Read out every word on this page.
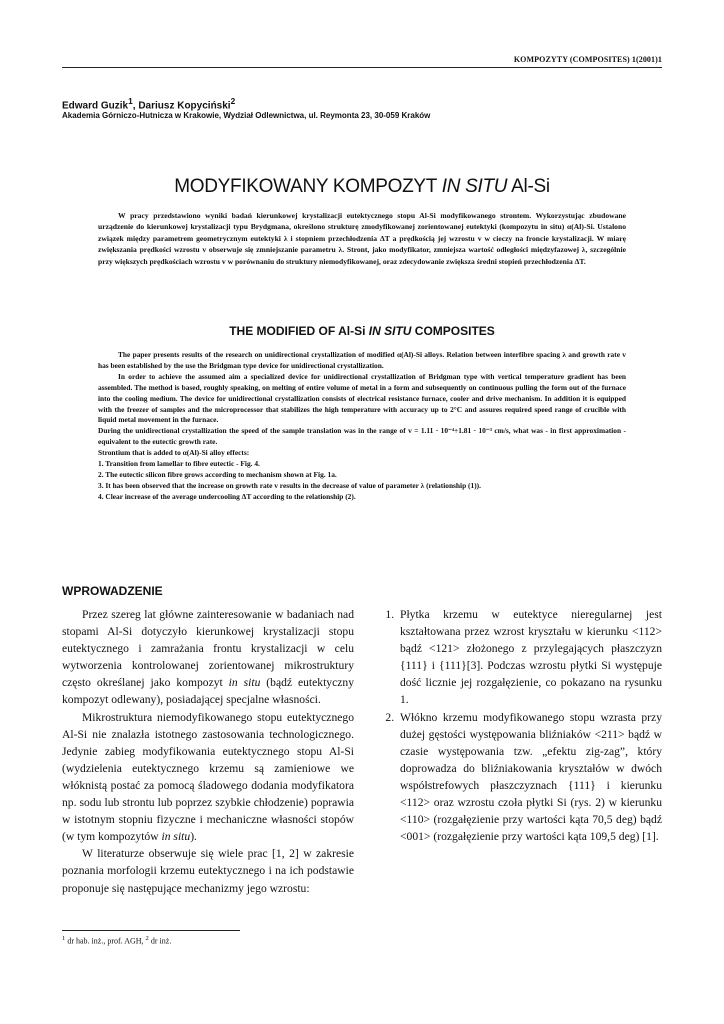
KOMPOZYTY (COMPOSITES) 1(2001)1
Edward Guzik$^1$, Dariusz Kopyciński$^2$
Akademia Górniczo-Hutnicza w Krakowie, Wydział Odlewnictwa, ul. Reymonta 23, 30-059 Kraków
MODYFIKOWANY KOMPOZYT IN SITU Al-Si

W pracy przedstawiono wyniki badań kierunkowej krystalizacji eutektycznego stopu Al-Si modyfikowanego strontem. Wykorzystując zbudowane urządzenie do kierunkowej krystalizacji typu Brydgmana, określono strukturę zmodyfikowanej zorientowanej eutektyki (kompozytu in situ) α(Al)-Si. Ustalono związek między parametrem geometrycznym eutektyki λ i stopniem przechłodzenia ΔT a prędkością jej wzrostu v w cieczy na froncie krystalizacji. W miarę zwiększania prędkości wzrostu v obserwuje się zmniejszanie parametru λ. Stront, jako modyfikator, zmniejsza wartość odległości międzyfazowej λ, szczególnie przy większych prędkościach wzrostu v w porównaniu do struktury niemodyfikowanej, oraz zdecydowanie zwiększa średni stopień przechłodzenia ΔT.

THE MODIFIED OF Al-Si IN SITU COMPOSITES

The paper presents results of the research on unidirectional crystallization of modified α(Al)-Si alloys. Relation between interfibre spacing λ and growth rate v has been established by the use the Bridgman type device for unidirectional crystallization.

In order to achieve the assumed aim a specialized device for unidirectional crystallization of Bridgman type with vertical temperature gradient has been assembled. The method is based, roughly speaking, on melting of entire volume of metal in a form and subsequently on continuous pulling the form out of the furnace into the cooling medium. The device for unidirectional crystallization consists of electrical resistance furnace, cooler and drive mechanism. In addition it is equipped with the freezer of samples and the microprocessor that stabilizes the high temperature with accuracy up to 2°C and assures required speed range of crucible with liquid metal movement in the furnace.

During the unidirectional crystallization the speed of the sample translation was in the range of v = 1.11 · 10⁻⁴÷1.81 · 10⁻³ cm/s, what was - in first approximation - equivalent to the eutectic growth rate.

Strontium that is added to α(Al)-Si alloy effects:

1. Transition from lamellar to fibre eutectic - Fig. 4.

2. The eutectic silicon fibre grows according to mechanism shown at Fig. 1a.

3. It has been observed that the increase on growth rate v results in the decrease of value of parameter λ (relationship (1)).

4. Clear increase of the average undercooling ΔT according to the relationship (2).

WPROWADZENIE

Przez szereg lat główne zainteresowanie w badaniach nad stopami Al-Si dotyczyło kierunkowej krystalizacji stopu eutektycznego i zamrażania frontu krystalizacji w celu wytworzenia kontrolowanej zorientowanej mikrostruktury często określanej jako kompozyt in situ (bądź eutektyczny kompozyt odlewany), posiadającej specjalne własności.

Mikrostruktura niemodyfikowanego stopu eutektycznego Al-Si nie znalazła istotnego zastosowania technologicznego. Jedynie zabieg modyfikowania eutektycznego stopu Al-Si (wydzielenia eutektycznego krzemu są zamieniowe we włóknistą postać za pomocą śladowego dodania modyfikatora np. sodu lub strontu lub poprzez szybkie chłodzenie) poprawia w istotnym stopniu fizyczne i mechaniczne własności stopów (w tym kompozytów in situ).

W literaturze obserwuje się wiele prac [1, 2] w zakresie poznania morfologii krzemu eutektycznego i na ich podstawie proponuje się następujące mechanizmy jego wzrostu:

1. Płytka krzemu w eutektyce nieregularnej jest kształtowana przez wzrost kryształu w kierunku <112> bądź <121> złożonego z przylegających płaszczyzn {111} i {111}[3]. Podczas wzrostu płytki Si występuje dość licznie jej rozgałęzienie, co pokazano na rysunku 1.
2. Włókno krzemu modyfikowanego stopu wzrasta przy dużej gęstości występowania bliźniaków <211> bądź w czasie występowania tzw. „efektu zig-zag”, który doprowadza do bliźniakowania kryształów w dwóch współstrefowych płaszczyznach {111} i kierunku <112> oraz wzrostu czoła płytki Si (rys. 2) w kierunku <110> (rozgałęzienie przy wartości kąta 70,5 deg) bądź <001> (rozgałęzienie przy wartości kąta 109,5 deg) [1].
$^1$ dr hab. inż., prof. AGH, $^2$ dr inż.
